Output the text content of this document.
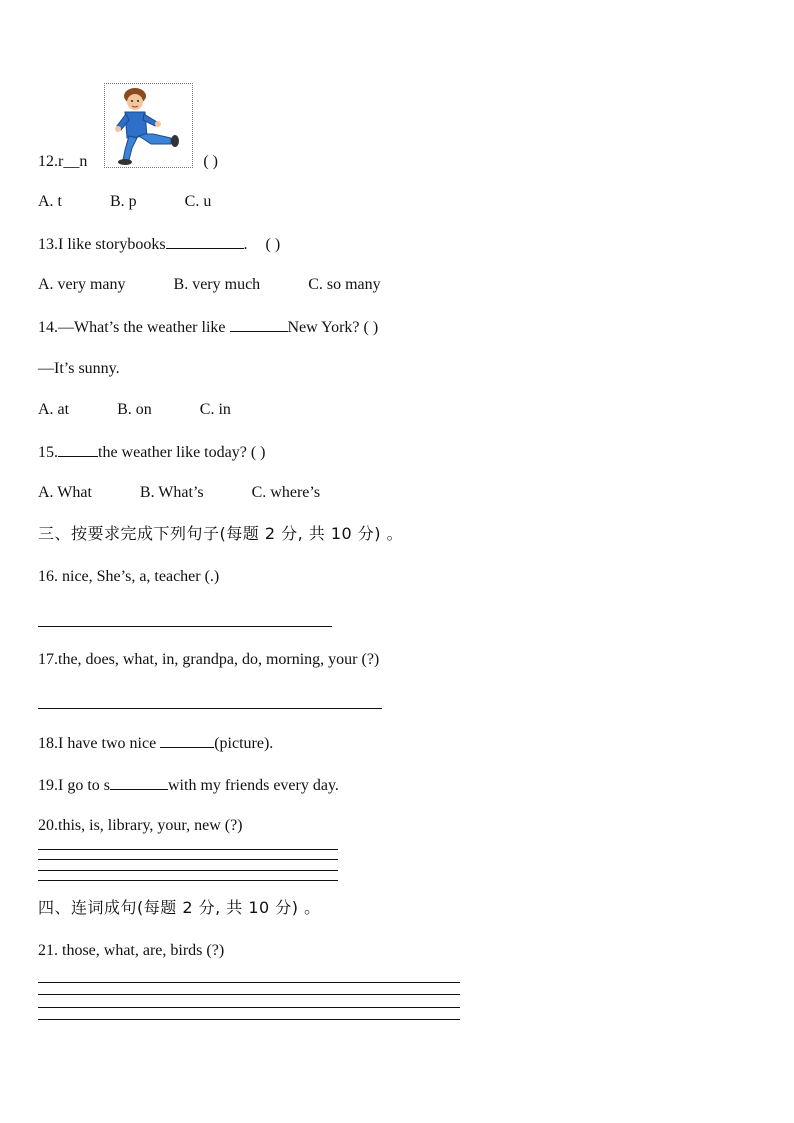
12.r__n	( )
A. t	B. p	C. u
13.I like storybooks	. ( )
A. very many	B. very much	C. so many
14.—What’s the weather like	New York? ( )
—It’s sunny.
A. at	B. on	C. in
15.	the weather like today? ( )
A. What	B. What’s	C. where’s
三、按要求完成下列句子(每题 2 分, 共 10 分) 。
16. nice, She’s, a, teacher (.)
17.the, does, what, in, grandpa, do, morning, your (?)
18.I have two nice	(picture).
19.I go to s	with my friends every day.
20.this, is, library, your, new (?)
四、连词成句(每题 2 分, 共 10 分) 。
21. those, what, are, birds (?)
